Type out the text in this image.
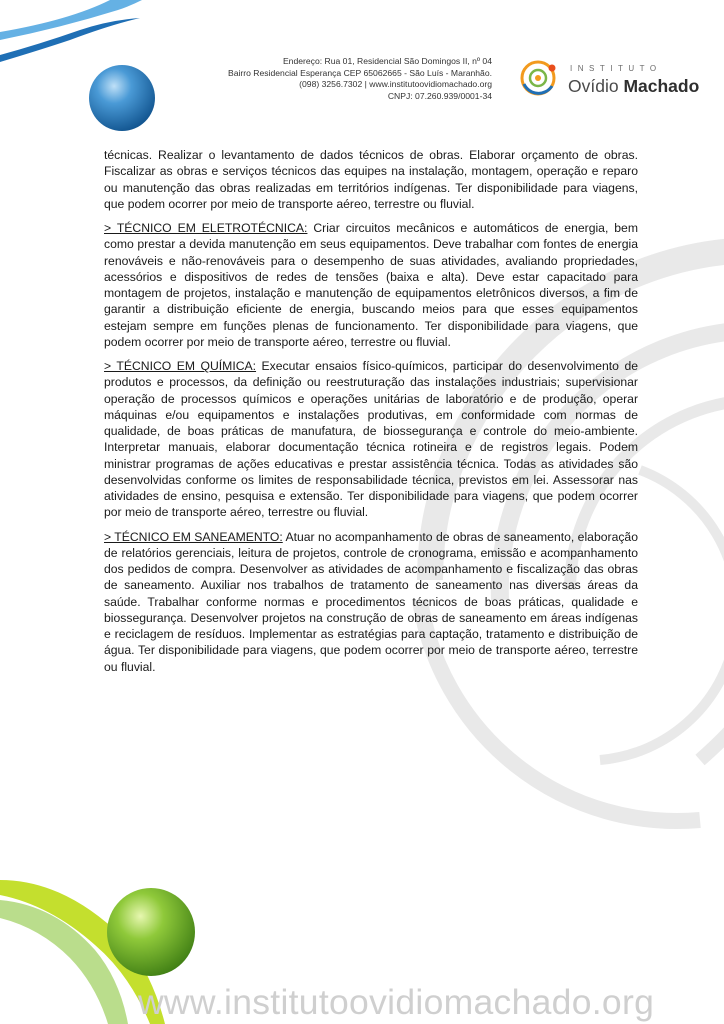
Endereço: Rua 01, Residencial São Domingos II, nº 04
Bairro Residencial Esperança CEP 65062665 - São Luís - Maranhão.
(098) 3256.7302 | www.institutoovidiomachado.org
CNPJ: 07.260.939/0001-34
INSTITUTO
Ovídio Machado

técnicas. Realizar o levantamento de dados técnicos de obras. Elaborar orçamento de obras. Fiscalizar as obras e serviços técnicos das equipes na instalação, montagem, operação e reparo ou manutenção das obras realizadas em territórios indígenas. Ter disponibilidade para viagens, que podem ocorrer por meio de transporte aéreo, terrestre ou fluvial.

> TÉCNICO EM ELETROTÉCNICA: Criar circuitos mecânicos e automáticos de energia, bem como prestar a devida manutenção em seus equipamentos. Deve trabalhar com fontes de energia renováveis e não-renováveis para o desempenho de suas atividades, avaliando propriedades, acessórios e dispositivos de redes de tensões (baixa e alta). Deve estar capacitado para montagem de projetos, instalação e manutenção de equipamentos eletrônicos diversos, a fim de garantir a distribuição eficiente de energia, buscando meios para que esses equipamentos estejam sempre em funções plenas de funcionamento. Ter disponibilidade para viagens, que podem ocorrer por meio de transporte aéreo, terrestre ou fluvial.

> TÉCNICO EM QUÍMICA: Executar ensaios físico-químicos, participar do desenvolvimento de produtos e processos, da definição ou reestruturação das instalações industriais; supervisionar operação de processos químicos e operações unitárias de laboratório e de produção, operar máquinas e/ou equipamentos e instalações produtivas, em conformidade com normas de qualidade, de boas práticas de manufatura, de biossegurança e controle do meio-ambiente. Interpretar manuais, elaborar documentação técnica rotineira e de registros legais. Podem ministrar programas de ações educativas e prestar assistência técnica. Todas as atividades são desenvolvidas conforme os limites de responsabilidade técnica, previstos em lei. Assessorar nas atividades de ensino, pesquisa e extensão. Ter disponibilidade para viagens, que podem ocorrer por meio de transporte aéreo, terrestre ou fluvial.

> TÉCNICO EM SANEAMENTO: Atuar no acompanhamento de obras de saneamento, elaboração de relatórios gerenciais, leitura de projetos, controle de cronograma, emissão e acompanhamento dos pedidos de compra. Desenvolver as atividades de acompanhamento e fiscalização das obras de saneamento. Auxiliar nos trabalhos de tratamento de saneamento nas diversas áreas da saúde. Trabalhar conforme normas e procedimentos técnicos de boas práticas, qualidade e biossegurança. Desenvolver projetos na construção de obras de saneamento em áreas indígenas e reciclagem de resíduos. Implementar as estratégias para captação, tratamento e distribuição de água. Ter disponibilidade para viagens, que podem ocorrer por meio de transporte aéreo, terrestre ou fluvial.

www.institutoovidiomachado.org
